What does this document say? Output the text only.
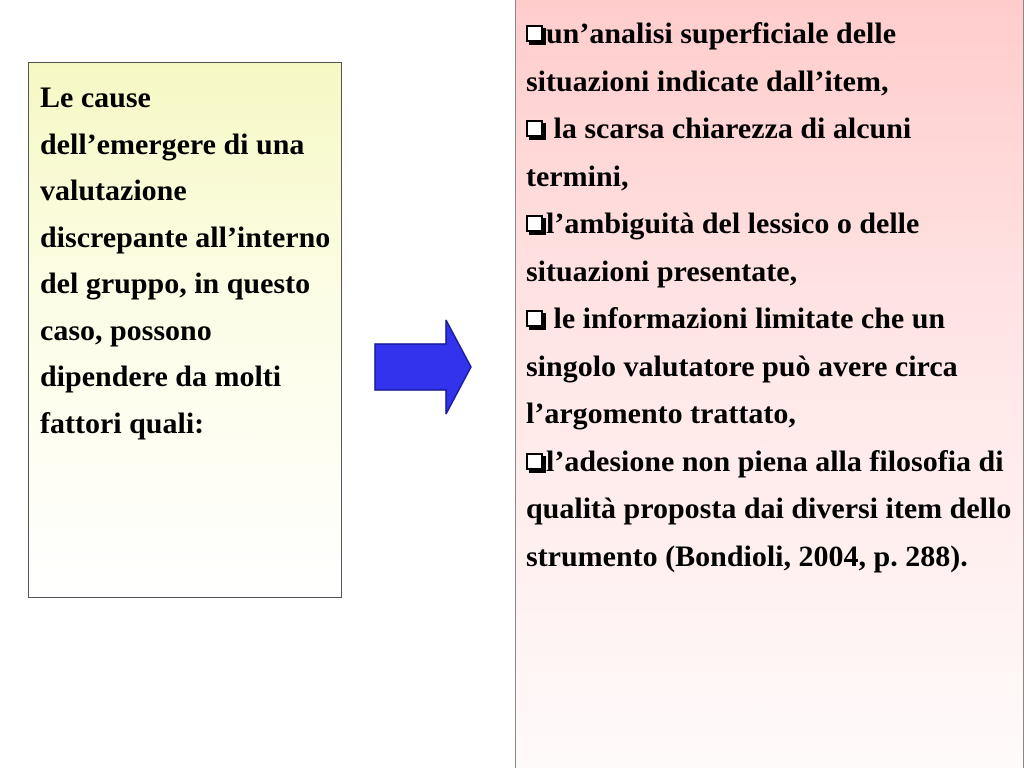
Le cause dell’emergere di una valutazione discrepante all’interno del gruppo, in questo caso, possono dipendere da molti fattori quali:

un’analisi superficiale delle situazioni indicate dall’item,

la scarsa chiarezza di alcuni termini,

l’ambiguità del lessico o delle situazioni presentate,

le informazioni limitate che un singolo valutatore può avere circa l’argomento trattato,

l’adesione non piena alla filosofia di qualità proposta dai diversi item dello strumento (Bondioli, 2004, p. 288).
